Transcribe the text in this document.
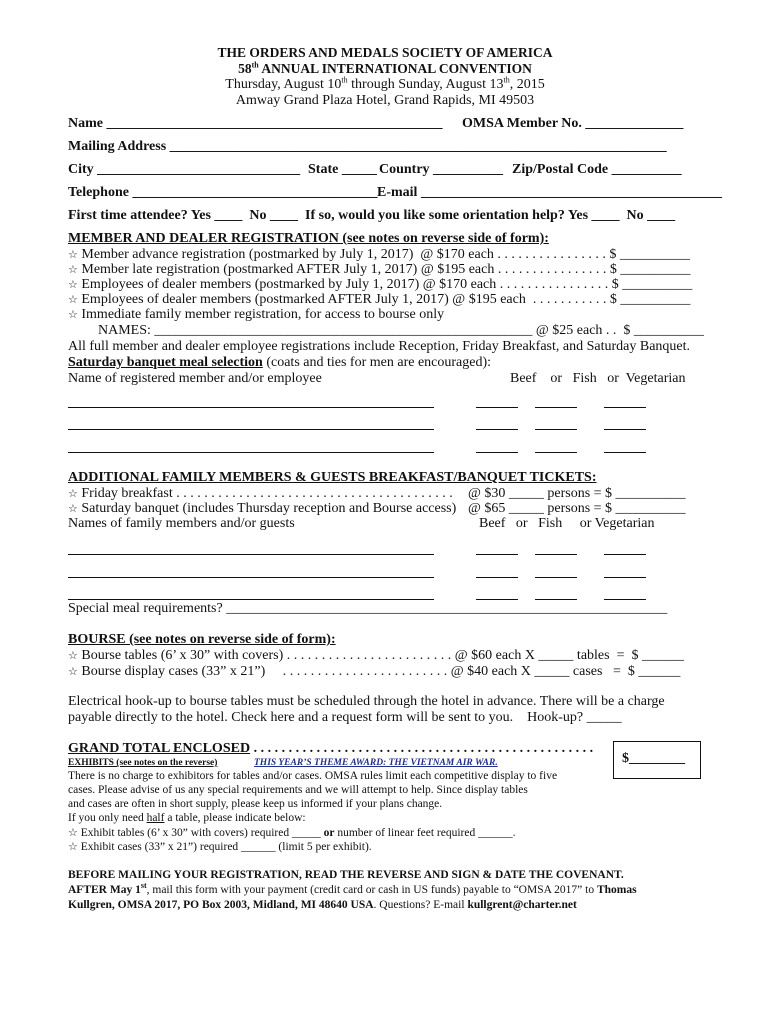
THE ORDERS AND MEDALS SOCIETY OF AMERICA
58th ANNUAL INTERNATIONAL CONVENTION
Thursday, August 10th through Sunday, August 13th, 2015
Amway Grand Plaza Hotel, Grand Rapids, MI 49503
Name ________________________________________________ OMSA Member No. ______________
Mailing Address _______________________________________________________________________
City _____________________________ State _____ Country __________ Zip/Postal Code __________
Telephone ___________________________________ E-mail ___________________________________________
First time attendee? Yes ____  No ____  If so, would you like some orientation help? Yes ____  No ____
MEMBER AND DEALER REGISTRATION (see notes on reverse side of form):
☆ Member advance registration (postmarked by July 1, 2017)  @ $170 each . . . . . . . . . . . . . . . . $ __________
☆ Member late registration (postmarked AFTER July 1, 2017) @ $195 each . . . . . . . . . . . . . . . . $ __________
☆ Employees of dealer members (postmarked by July 1, 2017) @ $170 each . . . . . . . . . . . . . . . . $ __________
☆ Employees of dealer members (postmarked AFTER July 1, 2017) @ $195 each  . . . . . . . . . . . $ __________
☆ Immediate family member registration, for access to bourse only
NAMES: ______________________________________________________ @ $25 each . .  $ __________
All full member and dealer employee registrations include Reception, Friday Breakfast, and Saturday Banquet.
Saturday banquet meal selection (coats and ties for men are encouraged):
Name of registered member and/or employee	Beef    or   Fish   or  Vegetarian
ADDITIONAL FAMILY MEMBERS & GUESTS BREAKFAST/BANQUET TICKETS:
☆ Friday breakfast . . . . . . . . . . . . . . . . . . . . . . . . . . . . . . . . . . . . . . . . @ $30 _____ persons = $ __________
☆ Saturday banquet (includes Thursday reception and Bourse access) @ $65 _____ persons = $ __________
Names of family members and/or guests	Beef   or   Fish     or Vegetarian
Special meal requirements? _______________________________________________________________
BOURSE (see notes on reverse side of form):
☆ Bourse tables (6’ x 30” with covers) . . . . . . . . . . . . . . . . . . . . . . . . @ $60 each X _____ tables  =  $ ______
☆ Bourse display cases (33” x 21”)     . . . . . . . . . . . . . . . . . . . . . . . . @ $40 each X _____ cases   =  $ ______
Electrical hook-up to bourse tables must be scheduled through the hotel in advance. There will be a charge
payable directly to the hotel. Check here and a request form will be sent to you.    Hook-up? _____
GRAND TOTAL ENCLOSED . . . . . . . . . . . . . . . . . . . . . . . . . . . . . . . . . . . . . . . . . . . . . . . . .
$________
EXHIBITS (see notes on the reverse)	THIS YEAR’S THEME AWARD: THE VIETNAM AIR WAR.
There is no charge to exhibitors for tables and/or cases. OMSA rules limit each competitive display to five
cases. Please advise of us any special requirements and we will attempt to help. Since display tables
and cases are often in short supply, please keep us informed if your plans change.
If you only need half a table, please indicate below:
☆ Exhibit tables (6’ x 30” with covers) required _____ or number of linear feet required ______.
☆ Exhibit cases (33” x 21”) required ______ (limit 5 per exhibit).
BEFORE MAILING YOUR REGISTRATION, READ THE REVERSE AND SIGN & DATE THE COVENANT.
AFTER May 1st, mail this form with your payment (credit card or cash in US funds) payable to “OMSA 2017” to Thomas
Kullgren, OMSA 2017, PO Box 2003, Midland, MI 48640 USA. Questions? E-mail kullgrent@charter.net
